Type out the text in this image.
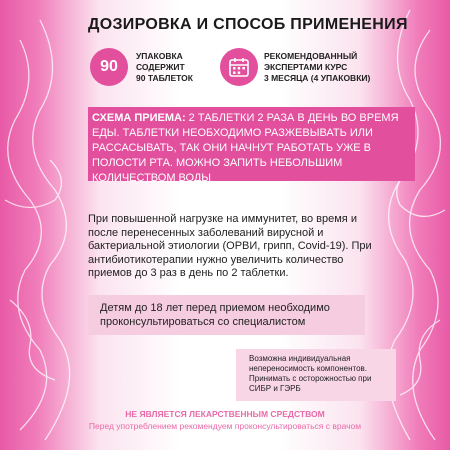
ДОЗИРОВКА И СПОСОБ ПРИМЕНЕНИЯ
90
УПАКОВКА
СОДЕРЖИТ
90 ТАБЛЕТОК
РЕКОМЕНДОВАННЫЙ
ЭКСПЕРТАМИ КУРС
3 МЕСЯЦА (4 УПАКОВКИ)
СХЕМА ПРИЕМА: 2 ТАБЛЕТКИ 2 РАЗА В ДЕНЬ ВО ВРЕМЯ ЕДЫ. ТАБЛЕТКИ НЕОБХОДИМО РАЗЖЕВЫВАТЬ ИЛИ РАССАСЫВАТЬ, ТАК ОНИ НАЧНУТ РАБОТАТЬ УЖЕ В ПОЛОСТИ РТА. МОЖНО ЗАПИТЬ НЕБОЛЬШИМ КОЛИЧЕСТВОМ ВОДЫ
При повышенной нагрузке на иммунитет, во время и после перенесенных заболеваний вирусной и бактериальной этиологии (ОРВИ, грипп, Covid-19). При антибиотикотерапии нужно увеличить количество приемов до 3 раз в день по 2 таблетки.
Детям до 18 лет перед приемом необходимо проконсультироваться со специалистом
Возможна индивидуальная непереносимость компонентов. Принимать с осторожностью при СИБР и ГЭРБ
НЕ ЯВЛЯЕТСЯ ЛЕКАРСТВЕННЫМ СРЕДСТВОМ
Перед употреблением рекомендуем проконсультироваться с врачом
